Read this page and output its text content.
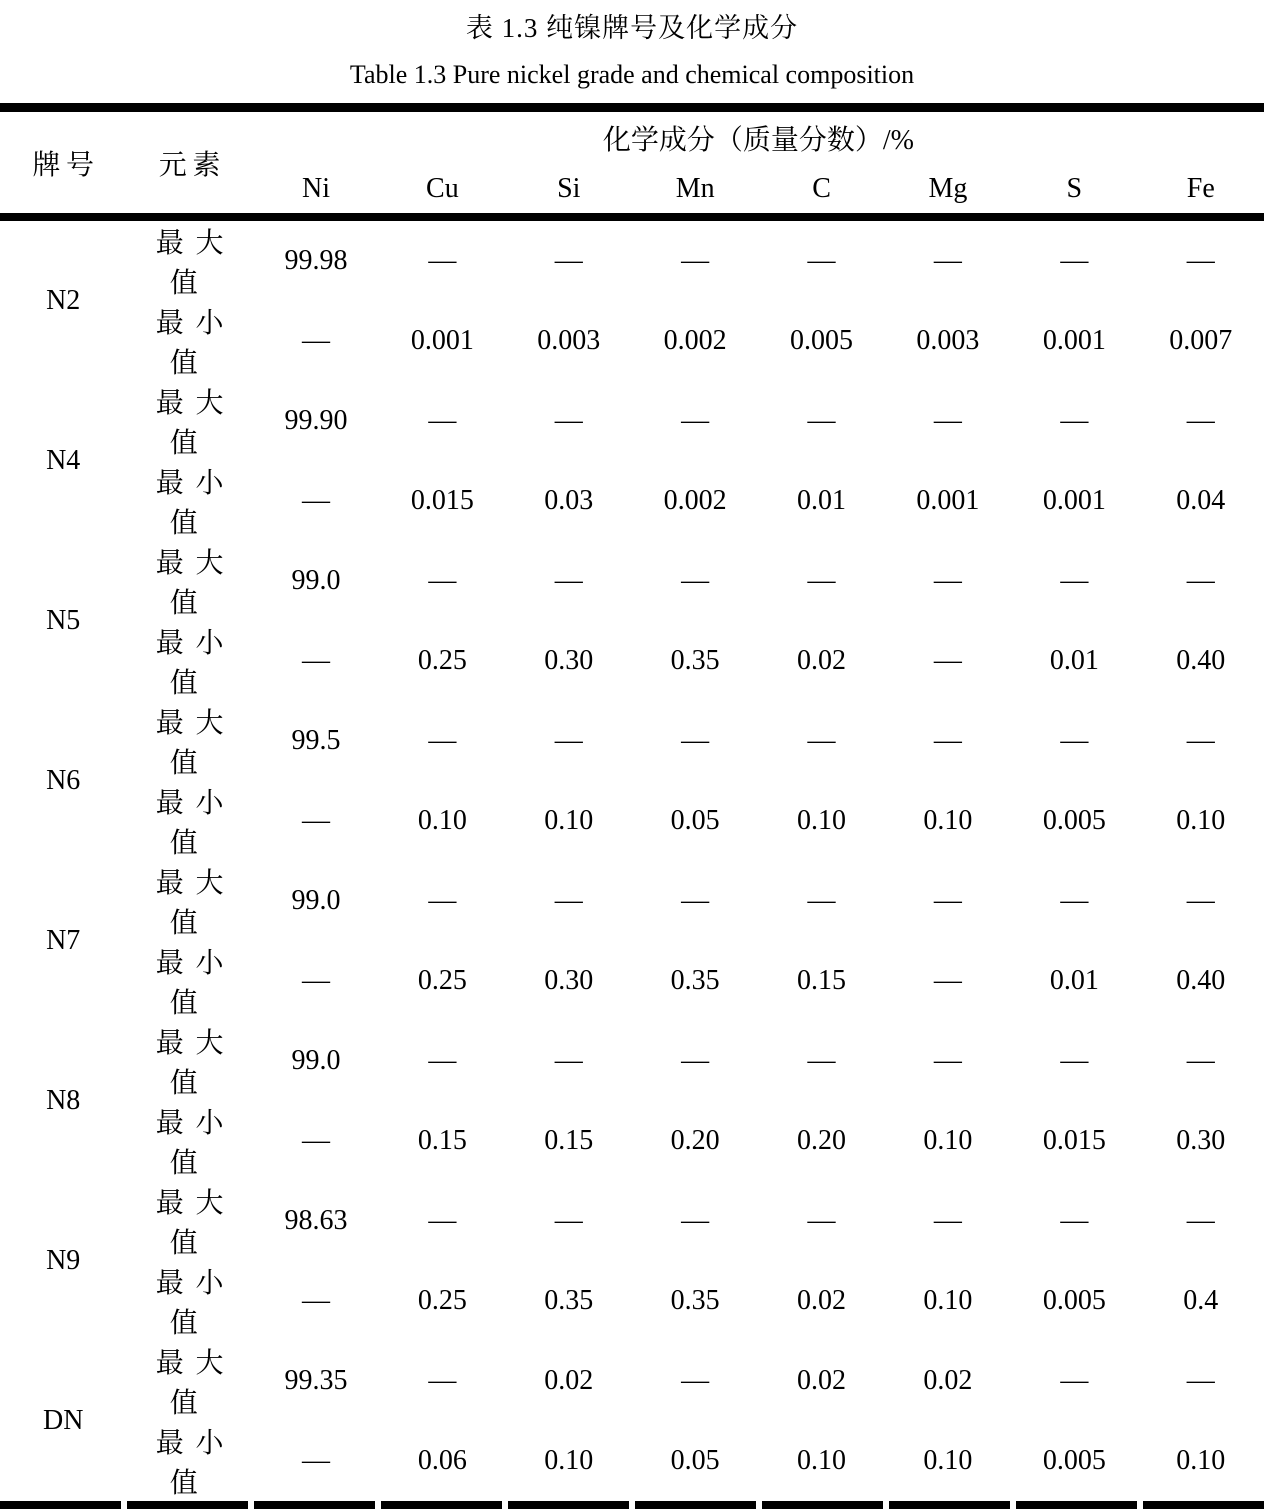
表 1.3 纯镍牌号及化学成分
Table 1.3 Pure nickel grade and chemical composition
牌号	元素	化学成分（质量分数）/%							
		Ni	Cu	Si	Mn	C	Mg	S	Fe
N2	最大值	99.98	—	—	—	—	—	—	—
	最小值	—	0.001	0.003	0.002	0.005	0.003	0.001	0.007
N4	最大值	99.90	—	—	—	—	—	—	—
	最小值	—	0.015	0.03	0.002	0.01	0.001	0.001	0.04
N5	最大值	99.0	—	—	—	—	—	—	—
	最小值	—	0.25	0.30	0.35	0.02	—	0.01	0.40
N6	最大值	99.5	—	—	—	—	—	—	—
	最小值	—	0.10	0.10	0.05	0.10	0.10	0.005	0.10
N7	最大值	99.0	—	—	—	—	—	—	—
	最小值	—	0.25	0.30	0.35	0.15	—	0.01	0.40
N8	最大值	99.0	—	—	—	—	—	—	—
	最小值	—	0.15	0.15	0.20	0.20	0.10	0.015	0.30
N9	最大值	98.63	—	—	—	—	—	—	—
	最小值	—	0.25	0.35	0.35	0.02	0.10	0.005	0.4
DN	最大值	99.35	—	0.02	—	0.02	0.02	—	—
	最小值	—	0.06	0.10	0.05	0.10	0.10	0.005	0.10
